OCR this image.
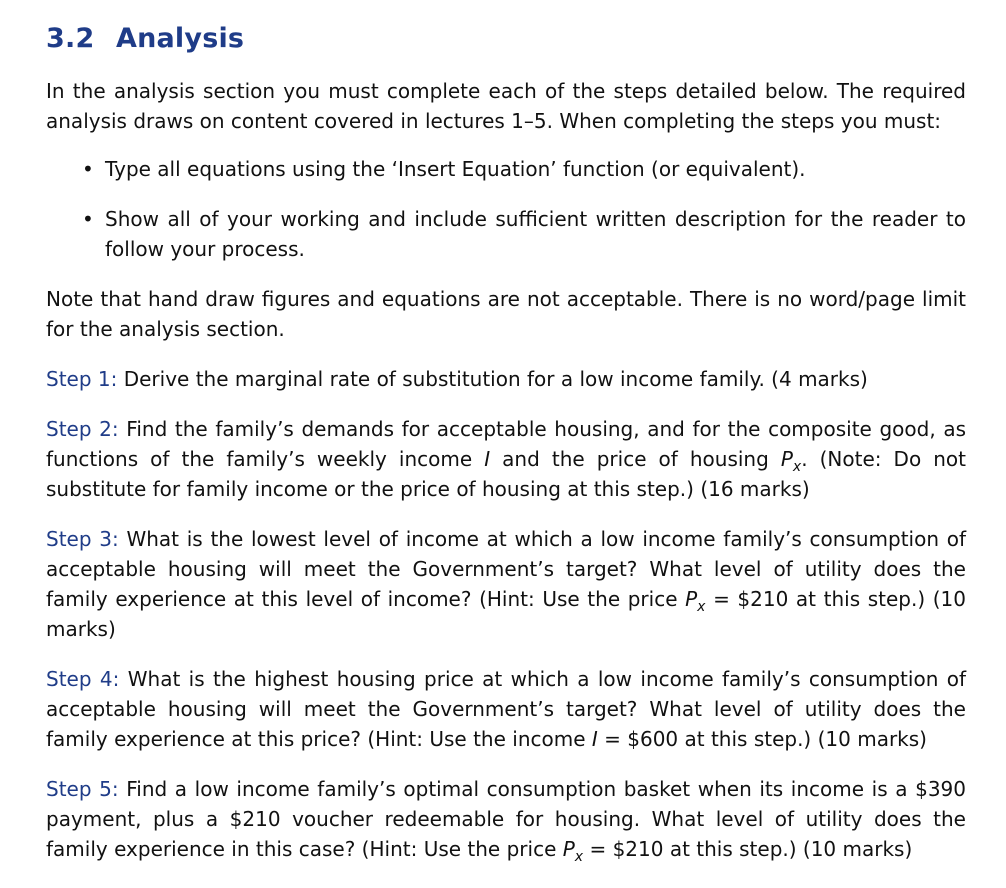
3.2 Analysis

In the analysis section you must complete each of the steps detailed below. The required analysis draws on content covered in lectures 1–5. When completing the steps you must:

• Type all equations using the ‘Insert Equation’ function (or equivalent).
• Show all of your working and include sufficient written description for the reader to follow your process.

Note that hand draw figures and equations are not acceptable. There is no word/page limit for the analysis section.

Step 1: Derive the marginal rate of substitution for a low income family. (4 marks)

Step 2: Find the family’s demands for acceptable housing, and for the composite good, as functions of the family’s weekly income I and the price of housing $P_x$. (Note: Do not substitute for family income or the price of housing at this step.) (16 marks)

Step 3: What is the lowest level of income at which a low income family’s consumption of acceptable housing will meet the Government’s target? What level of utility does the family experience at this level of income? (Hint: Use the price $P_x$ = $210 at this step.) (10 marks)

Step 4: What is the highest housing price at which a low income family’s consumption of acceptable housing will meet the Government’s target? What level of utility does the family experience at this price? (Hint: Use the income I = $600 at this step.) (10 marks)

Step 5: Find a low income family’s optimal consumption basket when its income is a $390 payment, plus a $210 voucher redeemable for housing. What level of utility does the family experience in this case? (Hint: Use the price $P_x$ = $210 at this step.) (10 marks)
